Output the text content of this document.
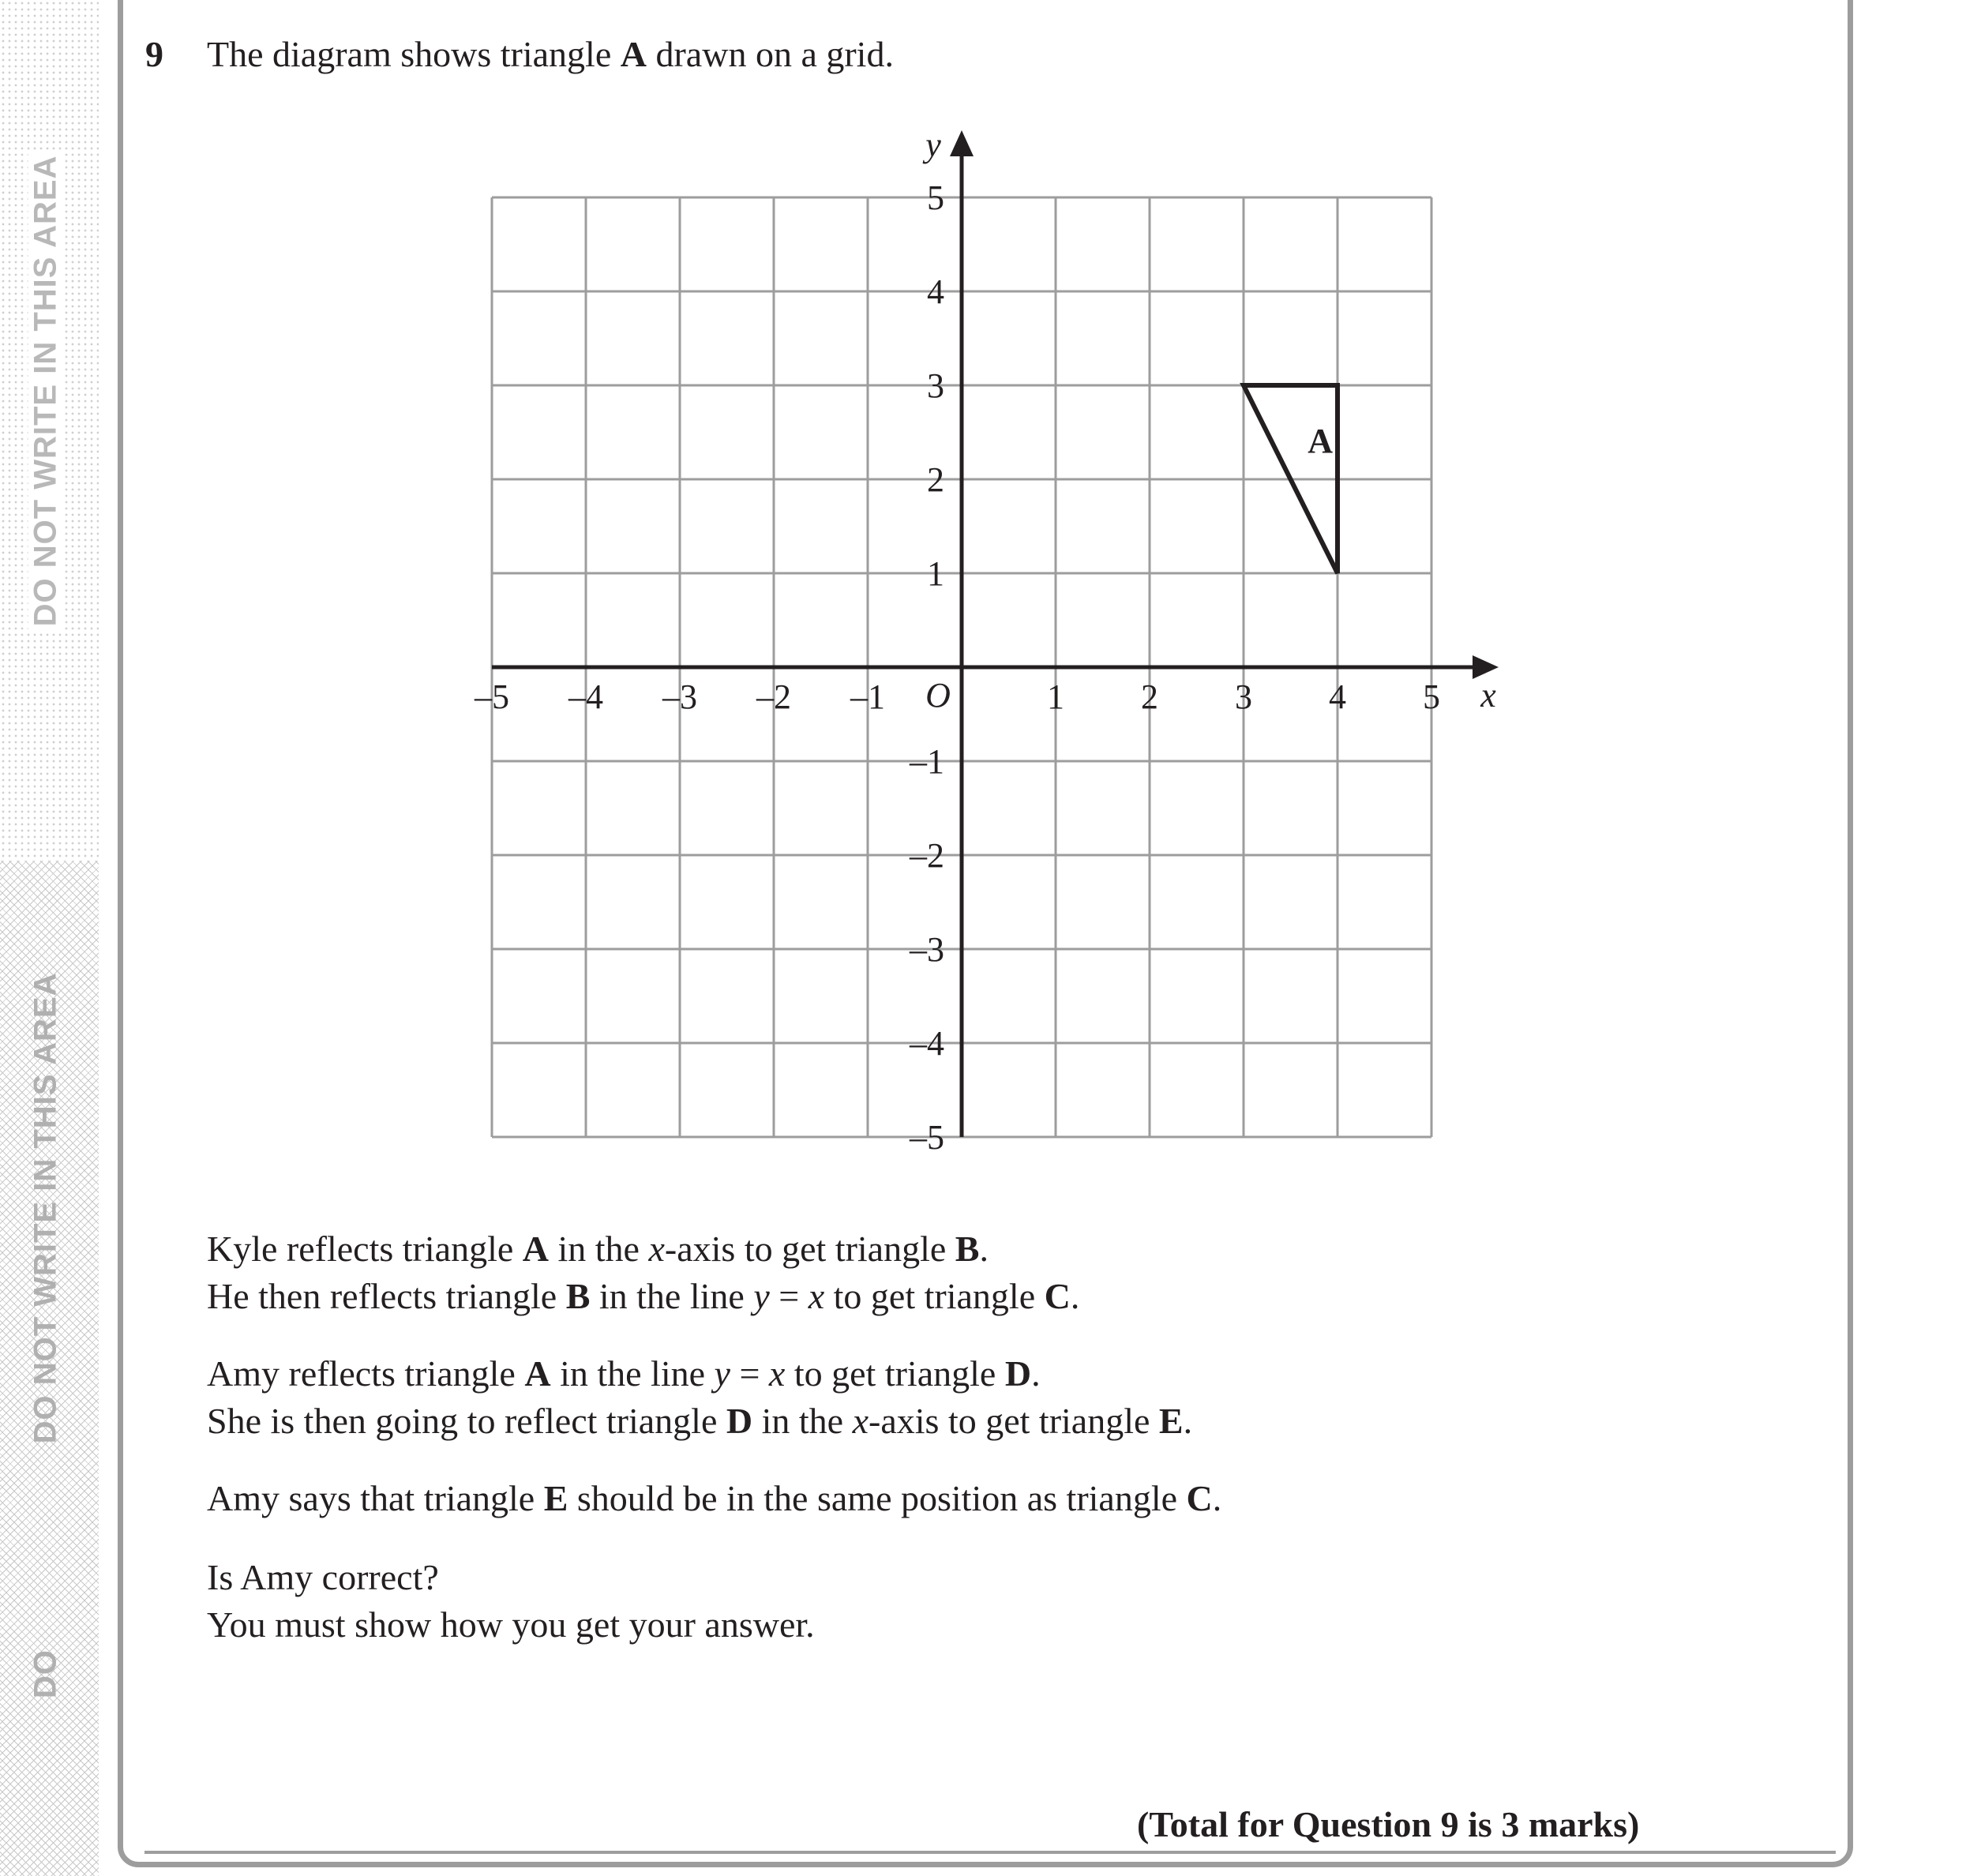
DO NOT WRITE IN THIS AREA
DO NOT WRITE IN THIS AREA
DO
9 The diagram shows triangle A drawn on a grid.
–5 –4 –3 –2 –1	1 2 3 4 5
5
4
3
2
1
–1
–2
–3
–4
–5
x
y
O
A
Kyle reflects triangle A in the x-axis to get triangle B.
He then reflects triangle B in the line y = x to get triangle C.
Amy reflects triangle A in the line y = x to get triangle D.
She is then going to reflect triangle D in the x-axis to get triangle E.
Amy says that triangle E should be in the same position as triangle C.
Is Amy correct?
You must show how you get your answer.
(Total for Question 9 is 3 marks)
